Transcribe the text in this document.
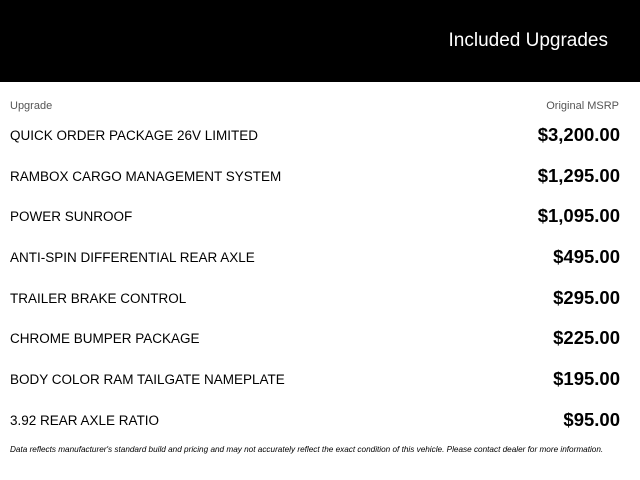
Included Upgrades
Upgrade	Original MSRP
QUICK ORDER PACKAGE 26V LIMITED	$3,200.00
RAMBOX CARGO MANAGEMENT SYSTEM	$1,295.00
POWER SUNROOF	$1,095.00
ANTI-SPIN DIFFERENTIAL REAR AXLE	$495.00
TRAILER BRAKE CONTROL	$295.00
CHROME BUMPER PACKAGE	$225.00
BODY COLOR RAM TAILGATE NAMEPLATE	$195.00
3.92 REAR AXLE RATIO	$95.00
Data reflects manufacturer's standard build and pricing and may not accurately reflect the exact condition of this vehicle. Please contact dealer for more information.
